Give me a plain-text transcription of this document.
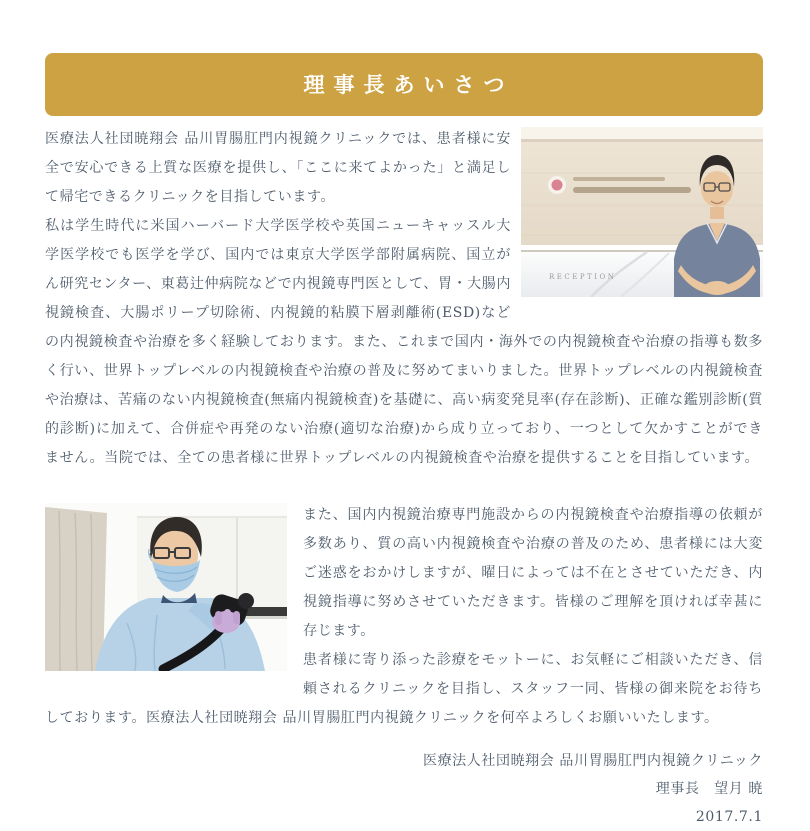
理事長あいさつ
RECEPTION

医療法人社団暁翔会 品川胃腸肛門内視鏡クリニックでは、患者様に安全で安心できる上質な医療を提供し、「ここに来てよかった」と満足して帰宅できるクリニックを目指しています。
私は学生時代に米国ハーバード大学医学校や英国ニューキャッスル大学医学校でも医学を学び、国内では東京大学医学部附属病院、国立がん研究センター、東葛辻仲病院などで内視鏡専門医として、胃・大腸内視鏡検査、大腸ポリープ切除術、内視鏡的粘膜下層剥離術(ESD)などの内視鏡検査や治療を多く経験しております。また、これまで国内・海外での内視鏡検査や治療の指導も数多く行い、世界トップレベルの内視鏡検査や治療の普及に努めてまいりました。世界トップレベルの内視鏡検査や治療は、苦痛のない内視鏡検査(無痛内視鏡検査)を基礎に、高い病変発見率(存在診断)、正確な鑑別診断(質的診断)に加えて、合併症や再発のない治療(適切な治療)から成り立っており、一つとして欠かすことができません。当院では、全ての患者様に世界トップレベルの内視鏡検査や治療を提供することを目指しています。

また、国内内視鏡治療専門施設からの内視鏡検査や治療指導の依頼が多数あり、質の高い内視鏡検査や治療の普及のため、患者様には大変ご迷惑をおかけしますが、曜日によっては不在とさせていただき、内視鏡指導に努めさせていただきます。皆様のご理解を頂ければ幸甚に存じます。
患者様に寄り添った診療をモットーに、お気軽にご相談いただき、信頼されるクリニックを目指し、スタッフ一同、皆様の御来院をお待ちしております。医療法人社団暁翔会 品川胃腸肛門内視鏡クリニックを何卒よろしくお願いいたします。

医療法人社団暁翔会 品川胃腸肛門内視鏡クリニック
理事長　望月 暁
2017.7.1
